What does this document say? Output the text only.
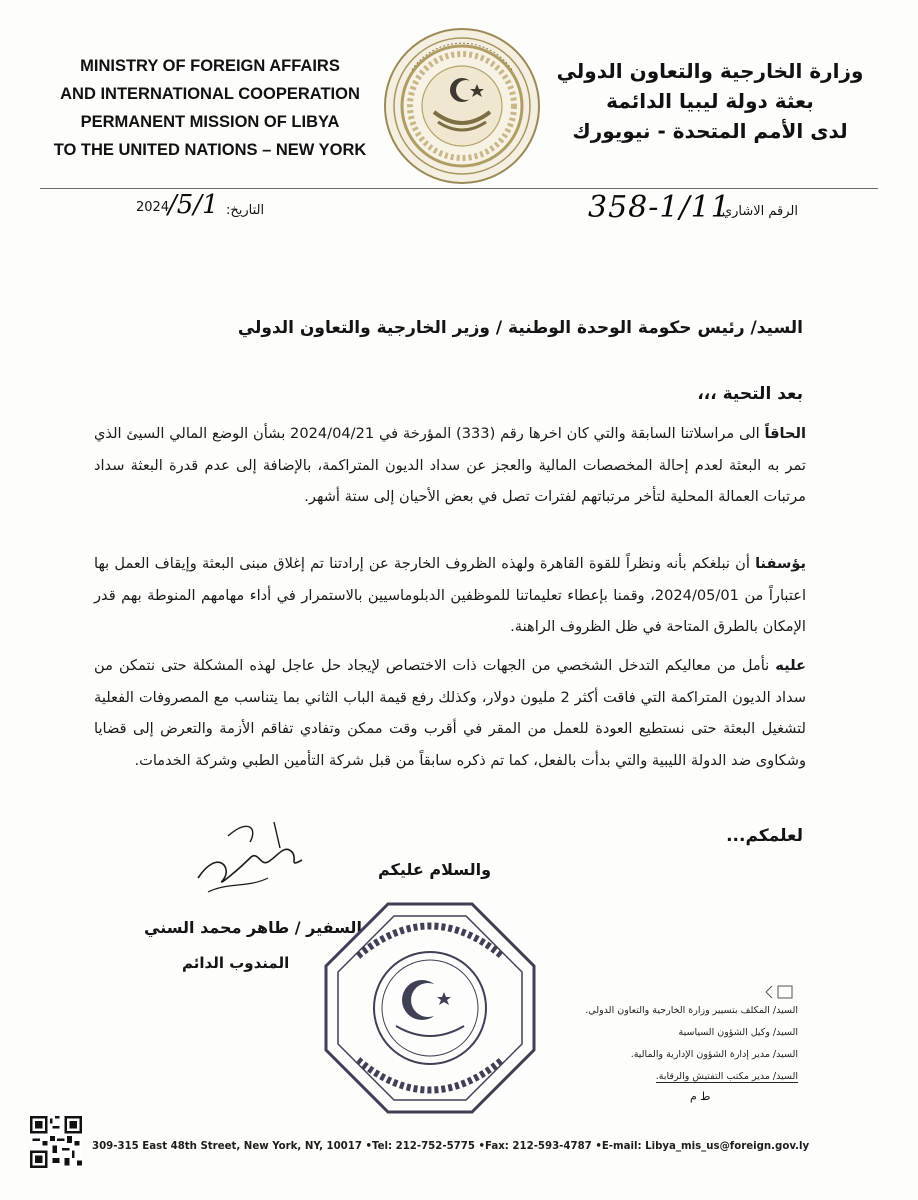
MINISTRY OF FOREIGN AFFAIRS
AND INTERNATIONAL COOPERATION
PERMANENT MISSION OF LIBYA
TO THE UNITED NATIONS – NEW YORK
وزارة الخارجية والتعاون الدولي
بعثة دولة ليبيا الدائمة
لدى الأمم المتحدة - نيويورك
الرقم الاشاري:
358-1/11
التاريخ:
/5/1
2024
السيد/ رئيس حكومة الوحدة الوطنية / وزير الخارجية والتعاون الدولي
بعد التحية ،،،
الحاقاً الى مراسلاتنا السابقة والتي كان اخرها رقم (333) المؤرخة في 2024/04/21 بشأن الوضع المالي السيئ الذي تمر به البعثة لعدم إحالة المخصصات المالية والعجز عن سداد الديون المتراكمة، بالإضافة إلى عدم قدرة البعثة سداد مرتبات العمالة المحلية لتأخر مرتباتهم لفترات تصل في بعض الأحيان إلى ستة أشهر.
يؤسفنا أن نبلغكم بأنه ونظراً للقوة القاهرة ولهذه الظروف الخارجة عن إرادتنا تم إغلاق مبنى البعثة وإيقاف العمل بها اعتباراً من 2024/05/01، وقمنا بإعطاء تعليماتنا للموظفين الدبلوماسيين بالاستمرار في أداء مهامهم المنوطة بهم قدر الإمكان بالطرق المتاحة في ظل الظروف الراهنة.
عليه نأمل من معاليكم التدخل الشخصي من الجهات ذات الاختصاص لإيجاد حل عاجل لهذه المشكلة حتى نتمكن من سداد الديون المتراكمة التي فاقت أكثر 2 مليون دولار، وكذلك رفع قيمة الباب الثاني بما يتناسب مع المصروفات الفعلية لتشغيل البعثة حتى نستطيع العودة للعمل من المقر في أقرب وقت ممكن وتفادي تفاقم الأزمة والتعرض إلى قضايا وشكاوى ضد الدولة الليبية والتي بدأت بالفعل، كما تم ذكره سابقاً من قبل شركة التأمين الطبي وشركة الخدمات.
لعلمكم...
والسلام عليكم
السفير / طاهر محمد السني
المندوب الدائم
السيد/ المكلف بتسيير وزارة الخارجية والتعاون الدولي.
السيد/ وكيل الشؤون السياسية
السيد/ مدير إدارة الشؤون الإدارية والمالية.
السيد/ مدير مكتب التفتيش والرقابة.
ط م
309-315 East 48th Street, New York, NY, 10017 •Tel: 212-752-5775 •Fax: 212-593-4787 •E-mail: Libya_mis_us@foreign.gov.ly
